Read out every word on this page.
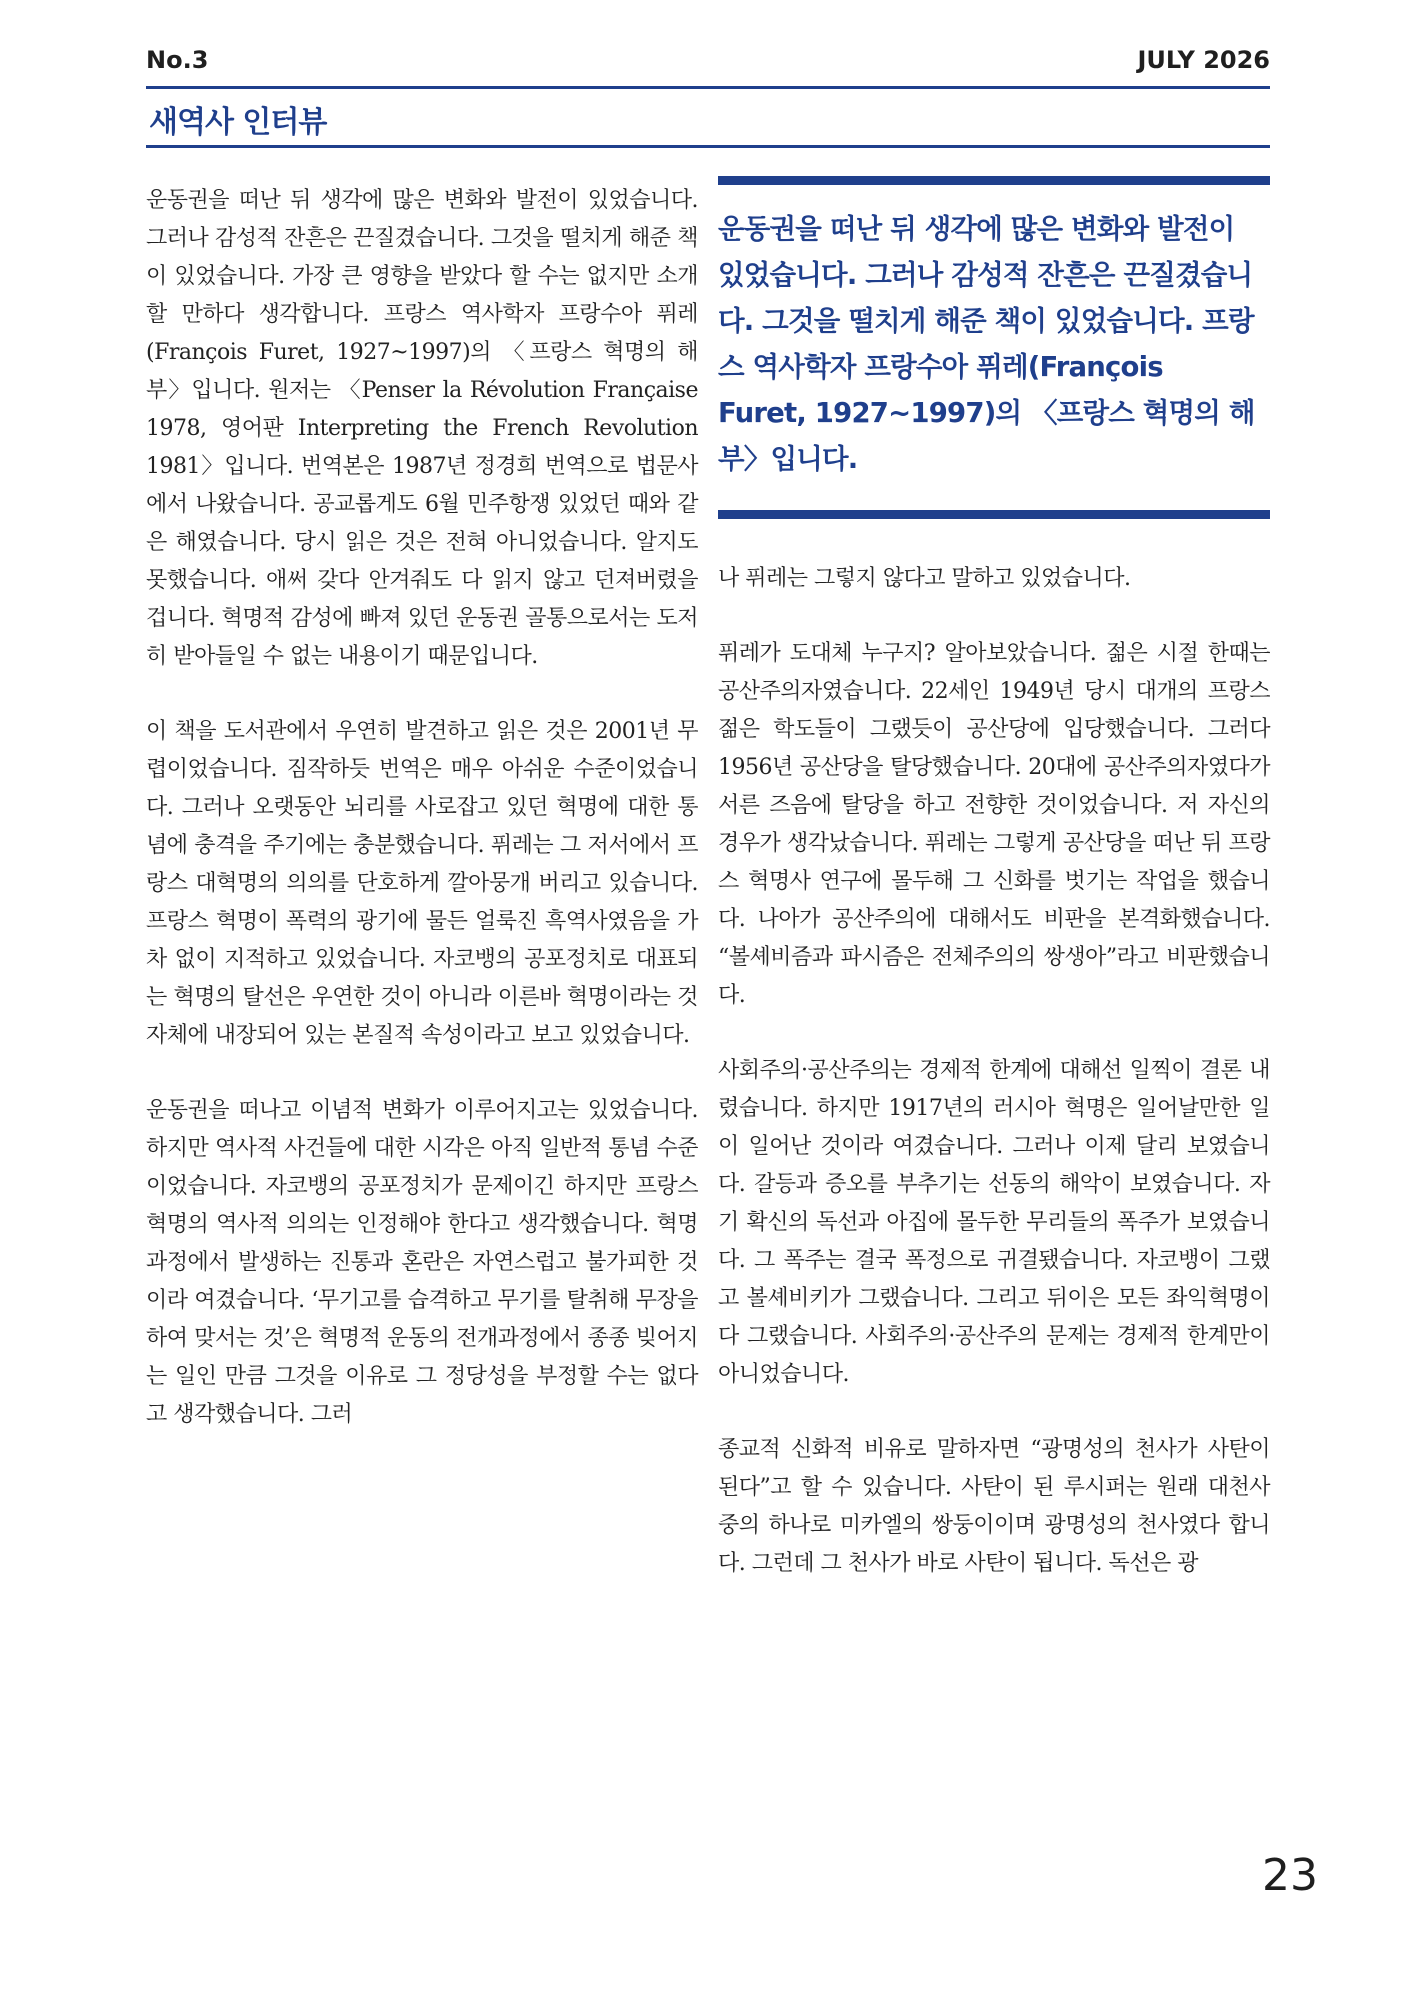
No.3	JULY 2026
새역사 인터뷰

운동권을 떠난 뒤 생각에 많은 변화와 발전이 있었습니다. 그러나 감성적 잔흔은 끈질겼습니다. 그것을 떨치게 해준 책이 있었습니다. 가장 큰 영향을 받았다 할 수는 없지만 소개할 만하다 생각합니다. 프랑스 역사학자 프랑수아 퓌레(François Furet, 1927~1997)의 〈프랑스 혁명의 해부〉입니다. 원저는 〈Penser la Révolution Française 1978, 영어판 Interpreting the French Revolution 1981〉입니다. 번역본은 1987년 정경희 번역으로 법문사에서 나왔습니다. 공교롭게도 6월 민주항쟁 있었던 때와 같은 해였습니다. 당시 읽은 것은 전혀 아니었습니다. 알지도 못했습니다. 애써 갖다 안겨줘도 다 읽지 않고 던져버렸을 겁니다. 혁명적 감성에 빠져 있던 운동권 골통으로서는 도저히 받아들일 수 없는 내용이기 때문입니다.

이 책을 도서관에서 우연히 발견하고 읽은 것은 2001년 무렵이었습니다. 짐작하듯 번역은 매우 아쉬운 수준이었습니다. 그러나 오랫동안 뇌리를 사로잡고 있던 혁명에 대한 통념에 충격을 주기에는 충분했습니다. 퓌레는 그 저서에서 프랑스 대혁명의 의의를 단호하게 깔아뭉개 버리고 있습니다. 프랑스 혁명이 폭력의 광기에 물든 얼룩진 흑역사였음을 가차 없이 지적하고 있었습니다. 자코뱅의 공포정치로 대표되는 혁명의 탈선은 우연한 것이 아니라 이른바 혁명이라는 것 자체에 내장되어 있는 본질적 속성이라고 보고 있었습니다.

운동권을 떠나고 이념적 변화가 이루어지고는 있었습니다. 하지만 역사적 사건들에 대한 시각은 아직 일반적 통념 수준이었습니다. 자코뱅의 공포정치가 문제이긴 하지만 프랑스혁명의 역사적 의의는 인정해야 한다고 생각했습니다. 혁명 과정에서 발생하는 진통과 혼란은 자연스럽고 불가피한 것이라 여겼습니다. ‘무기고를 습격하고 무기를 탈취해 무장을 하여 맞서는 것’은 혁명적 운동의 전개과정에서 종종 빚어지는 일인 만큼 그것을 이유로 그 정당성을 부정할 수는 없다고 생각했습니다. 그러

운동권을 떠난 뒤 생각에 많은 변화와 발전이 있었습니다. 그러나 감성적 잔흔은 끈질겼습니다. 그것을 떨치게 해준 책이 있었습니다. 프랑스 역사학자 프랑수아 퓌레(François Furet, 1927~1997)의 〈프랑스 혁명의 해부〉입니다.

나 퓌레는 그렇지 않다고 말하고 있었습니다.

퓌레가 도대체 누구지? 알아보았습니다. 젊은 시절 한때는 공산주의자였습니다. 22세인 1949년 당시 대개의 프랑스 젊은 학도들이 그랬듯이 공산당에 입당했습니다. 그러다 1956년 공산당을 탈당했습니다. 20대에 공산주의자였다가 서른 즈음에 탈당을 하고 전향한 것이었습니다. 저 자신의 경우가 생각났습니다. 퓌레는 그렇게 공산당을 떠난 뒤 프랑스 혁명사 연구에 몰두해 그 신화를 벗기는 작업을 했습니다. 나아가 공산주의에 대해서도 비판을 본격화했습니다. “볼셰비즘과 파시즘은 전체주의의 쌍생아”라고 비판했습니다.

사회주의·공산주의는 경제적 한계에 대해선 일찍이 결론 내렸습니다. 하지만 1917년의 러시아 혁명은 일어날만한 일이 일어난 것이라 여겼습니다. 그러나 이제 달리 보였습니다. 갈등과 증오를 부추기는 선동의 해악이 보였습니다. 자기 확신의 독선과 아집에 몰두한 무리들의 폭주가 보였습니다. 그 폭주는 결국 폭정으로 귀결됐습니다. 자코뱅이 그랬고 볼셰비키가 그랬습니다. 그리고 뒤이은 모든 좌익혁명이 다 그랬습니다. 사회주의·공산주의 문제는 경제적 한계만이 아니었습니다.

종교적 신화적 비유로 말하자면 “광명성의 천사가 사탄이 된다”고 할 수 있습니다. 사탄이 된 루시퍼는 원래 대천사 중의 하나로 미카엘의 쌍둥이이며 광명성의 천사였다 합니다. 그런데 그 천사가 바로 사탄이 됩니다. 독선은 광

23
